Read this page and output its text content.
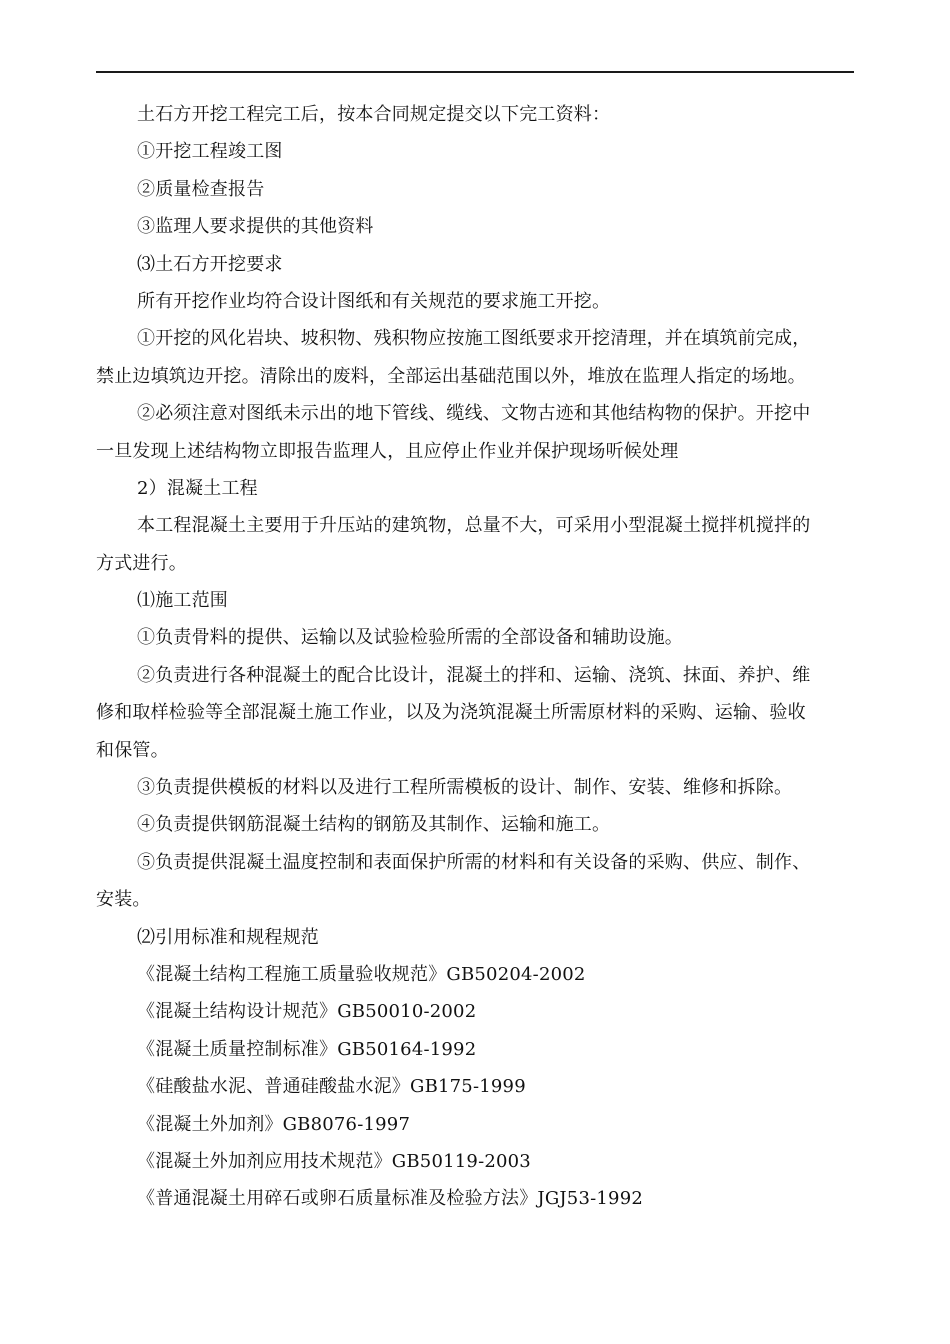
土石方开挖工程完工后，按本合同规定提交以下完工资料：
①开挖工程竣工图
②质量检查报告
③监理人要求提供的其他资料
⑶土石方开挖要求
所有开挖作业均符合设计图纸和有关规范的要求施工开挖。
①开挖的风化岩块、坡积物、残积物应按施工图纸要求开挖清理，并在填筑前完成，
禁止边填筑边开挖。清除出的废料，全部运出基础范围以外，堆放在监理人指定的场地。
②必须注意对图纸未示出的地下管线、缆线、文物古迹和其他结构物的保护。开挖中
一旦发现上述结构物立即报告监理人，且应停止作业并保护现场听候处理
2）混凝土工程
本工程混凝土主要用于升压站的建筑物，总量不大，可采用小型混凝土搅拌机搅拌的
方式进行。
⑴施工范围
①负责骨料的提供、运输以及试验检验所需的全部设备和辅助设施。
②负责进行各种混凝土的配合比设计，混凝土的拌和、运输、浇筑、抹面、养护、维
修和取样检验等全部混凝土施工作业，以及为浇筑混凝土所需原材料的采购、运输、验收
和保管。
③负责提供模板的材料以及进行工程所需模板的设计、制作、安装、维修和拆除。
④负责提供钢筋混凝土结构的钢筋及其制作、运输和施工。
⑤负责提供混凝土温度控制和表面保护所需的材料和有关设备的采购、供应、制作、
安装。
⑵引用标准和规程规范
《混凝土结构工程施工质量验收规范》GB50204-2002
《混凝土结构设计规范》GB50010-2002
《混凝土质量控制标准》GB50164-1992
《硅酸盐水泥、普通硅酸盐水泥》GB175-1999
《混凝土外加剂》GB8076-1997
《混凝土外加剂应用技术规范》GB50119-2003
《普通混凝土用碎石或卵石质量标准及检验方法》JGJ53-1992
